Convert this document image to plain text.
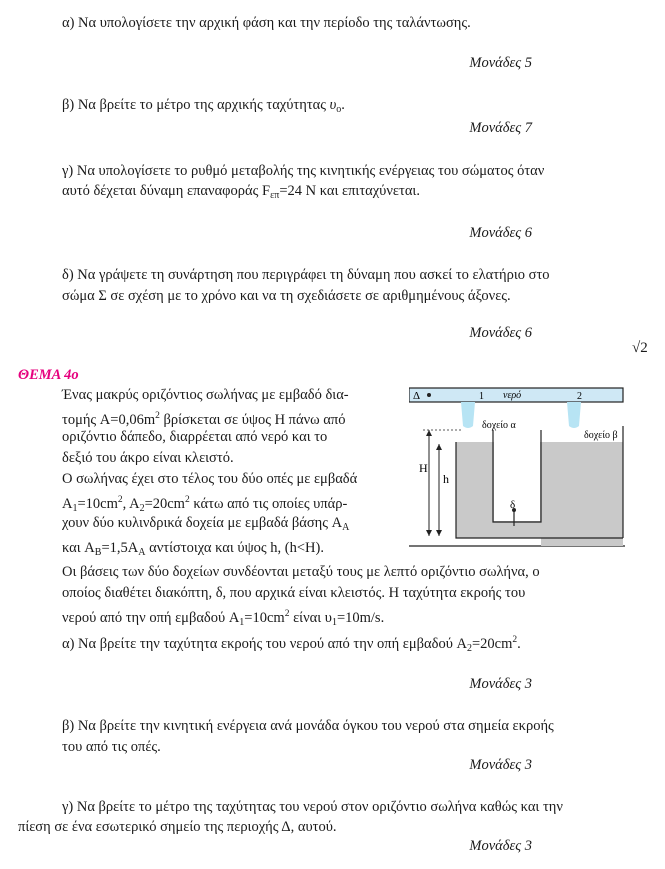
α) Να υπολογίσετε την αρχική φάση και την περίοδο της ταλάντωσης.
Μονάδες 5
β) Να βρείτε το μέτρο της αρχικής ταχύτητας $\upsilon_o$.
Μονάδες 7
γ) Να υπολογίσετε το ρυθμό μεταβολής της κινητικής ενέργειας του σώματος όταν
αυτό δέχεται δύναμη επαναφοράς $F_{\varepsilon\pi}=24$ N και επιταχύνεται.
Μονάδες 6
δ) Να γράψετε τη συνάρτηση που περιγράφει τη δύναμη που ασκεί το ελατήριο στο
σώμα Σ σε σχέση με το χρόνο και να τη σχεδιάσετε σε αριθμημένους άξονες.
Μονάδες 6
√2
ΘΕΜΑ 4ο
Ένας μακρύς οριζόντιος σωλήνας με εμβαδό δια-
τομής $A=0,06m^2$ βρίσκεται σε ύψος H πάνω από
οριζόντιο δάπεδο, διαρρέεται από νερό και το
δεξιό του άκρο είναι κλειστό.
Ο σωλήνας έχει στο τέλος του δύο οπές με εμβαδά
$A_1=10cm^2$, $A_2=20cm^2$ κάτω από τις οποίες υπάρ-
χουν δύο κυλινδρικά δοχεία με εμβαδά βάσης $A_A$
και $A_B=1,5A_A$ αντίστοιχα και ύψος h, (h<H).
Οι βάσεις των δύο δοχείων συνδέονται μεταξύ τους με λεπτό οριζόντιο σωλήνα, ο
οποίος διαθέτει διακόπτη, δ, που αρχικά είναι κλειστός. Η ταχύτητα εκροής του
νερού από την οπή εμβαδού $A_1=10cm^2$ είναι $\upsilon_1=10m/s$.
α) Να βρείτε την ταχύτητα εκροής του νερού από την οπή εμβαδού $A_2=20cm^2$.
Μονάδες 3
β) Να βρείτε την κινητική ενέργεια ανά μονάδα όγκου του νερού στα σημεία εκροής
του από τις οπές.
Μονάδες 3
γ) Να βρείτε το μέτρο της ταχύτητας του νερού στον οριζόντιο σωλήνα καθώς και την
πίεση σε ένα εσωτερικό σημείο της περιοχής Δ, αυτού.
Μονάδες 3
Δ	νερό
1	2
δοχείο α
δοχείο β
H
h
δ
